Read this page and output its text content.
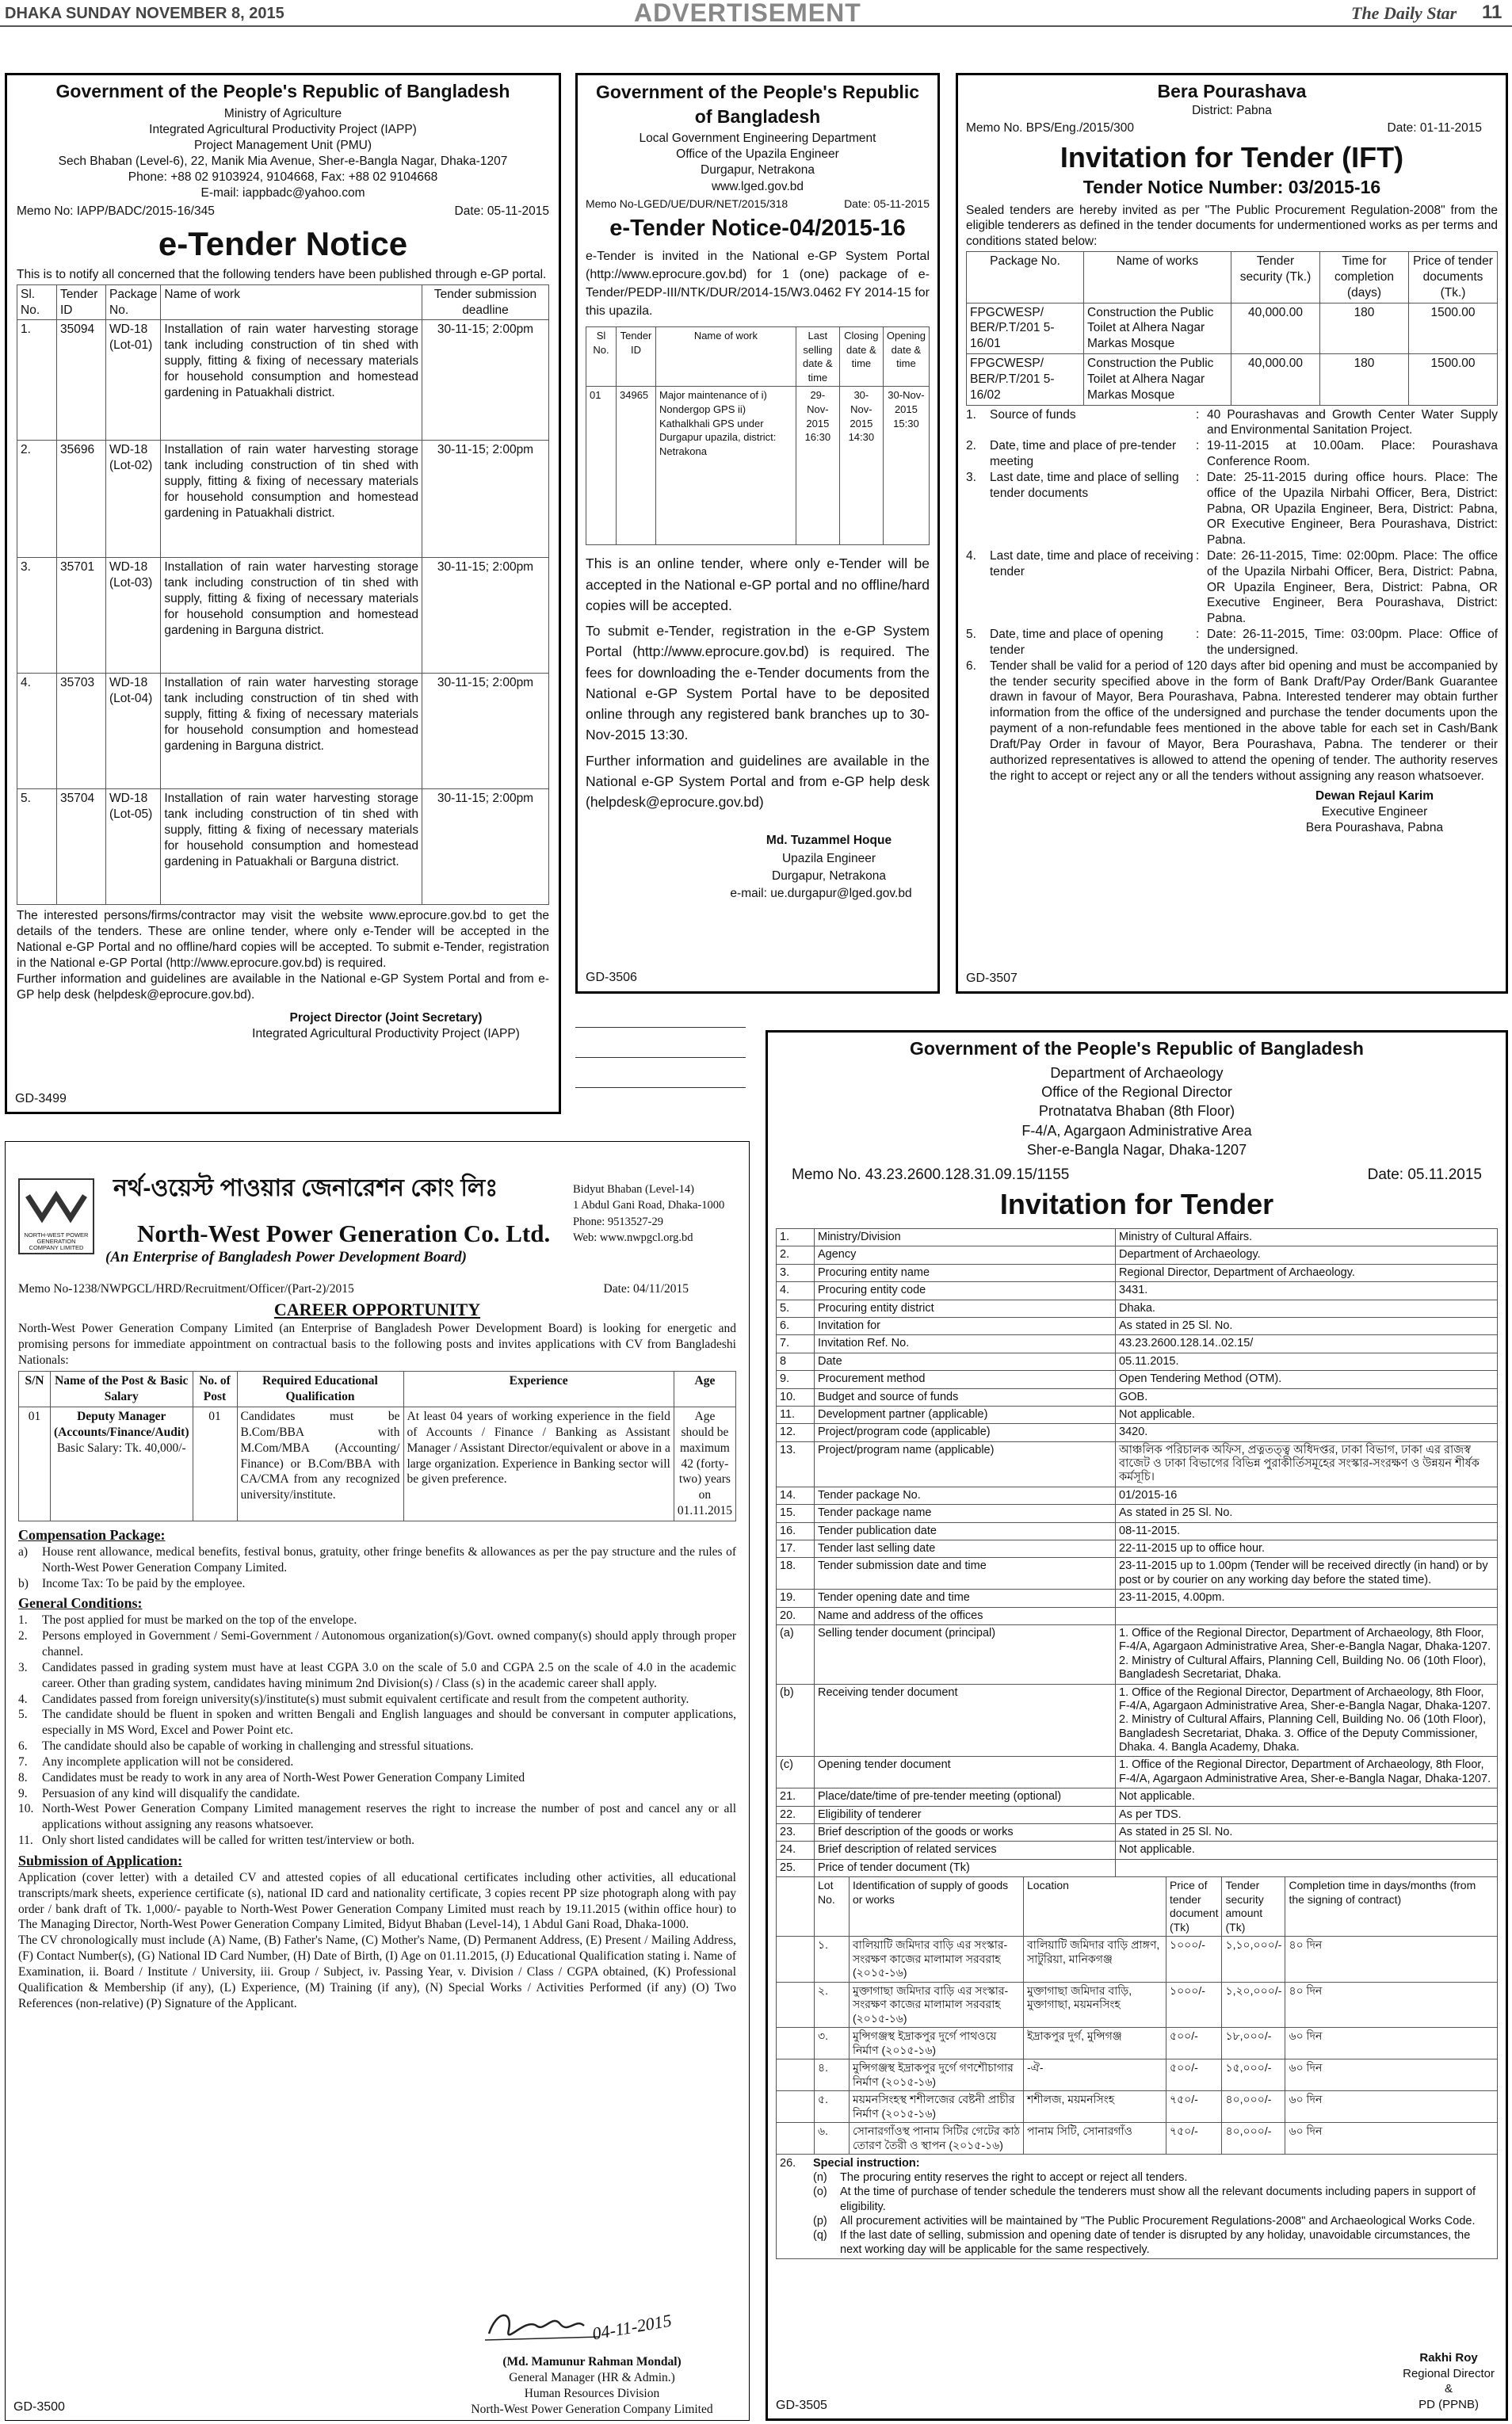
DHAKA SUNDAY NOVEMBER 8, 2015	ADVERTISEMENT	The Daily Star 11
Government of the People's Republic of Bangladesh
Ministry of Agriculture
Integrated Agricultural Productivity Project (IAPP)
Project Management Unit (PMU)
Sech Bhaban (Level-6), 22, Manik Mia Avenue, Sher-e-Bangla Nagar, Dhaka-1207
Phone: +88 02 9103924, 9104668, Fax: +88 02 9104668
E-mail: iappbadc@yahoo.com
Memo No: IAPP/BADC/2015-16/345	Date: 05-11-2015
e-Tender Notice
This is to notify all concerned that the following tenders have been published through e-GP portal.
Sl. No.	Tender ID	Package No.	Name of work	Tender submission deadline
1.	35094	WD-18 (Lot-01)	Installation of rain water harvesting storage tank including construction of tin shed with supply, fitting & fixing of necessary materials for household consumption and homestead gardening in Patuakhali district.	30-11-15; 2:00pm
2.	35696	WD-18 (Lot-02)	Installation of rain water harvesting storage tank including construction of tin shed with supply, fitting & fixing of necessary materials for household consumption and homestead gardening in Patuakhali district.	30-11-15; 2:00pm
3.	35701	WD-18 (Lot-03)	Installation of rain water harvesting storage tank including construction of tin shed with supply, fitting & fixing of necessary materials for household consumption and homestead gardening in Barguna district.	30-11-15; 2:00pm
4.	35703	WD-18 (Lot-04)	Installation of rain water harvesting storage tank including construction of tin shed with supply, fitting & fixing of necessary materials for household consumption and homestead gardening in Barguna district.	30-11-15; 2:00pm
5.	35704	WD-18 (Lot-05)	Installation of rain water harvesting storage tank including construction of tin shed with supply, fitting & fixing of necessary materials for household consumption and homestead gardening in Patuakhali or Barguna district.	30-11-15; 2:00pm
The interested persons/firms/contractor may visit the website www.eprocure.gov.bd to get the details of the tenders. These are online tender, where only e-Tender will be accepted in the National e-GP Portal and no offline/hard copies will be accepted. To submit e-Tender, registration in the National e-GP Portal (http://www.eprocure.gov.bd) is required.
Further information and guidelines are available in the National e-GP System Portal and from e-GP help desk (helpdesk@eprocure.gov.bd).
Project Director (Joint Secretary)
Integrated Agricultural Productivity Project (IAPP)
GD-3499
Government of the People's Republic of Bangladesh
Local Government Engineering Department
Office of the Upazila Engineer
Durgapur, Netrakona
www.lged.gov.bd
Memo No-LGED/UE/DUR/NET/2015/318	Date: 05-11-2015
e-Tender Notice-04/2015-16
e-Tender is invited in the National e-GP System Portal (http://www.eprocure.gov.bd) for 1 (one) package of e-Tender/PEDP-III/NTK/DUR/2014-15/W3.0462 FY 2014-15 for this upazila.
Sl No.	Tender ID	Name of work	Last selling date & time	Closing date & time	Opening date & time
01	34965	Major maintenance of i) Nondergop GPS ii) Kathalkhali GPS under Durgapur upazila, district: Netrakona	29-Nov-2015 16:30	30-Nov-2015 14:30	30-Nov-2015 15:30
This is an online tender, where only e-Tender will be accepted in the National e-GP portal and no offline/hard copies will be accepted.
To submit e-Tender, registration in the e-GP System Portal (http://www.eprocure.gov.bd) is required. The fees for downloading the e-Tender documents from the National e-GP System Portal have to be deposited online through any registered bank branches up to 30-Nov-2015 13:30.
Further information and guidelines are available in the National e-GP System Portal and from e-GP help desk (helpdesk@eprocure.gov.bd)
Md. Tuzammel Hoque
Upazila Engineer
Durgapur, Netrakona
e-mail: ue.durgapur@lged.gov.bd
GD-3506
Bera Pourashava
District: Pabna
Memo No. BPS/Eng./2015/300	Date: 01-11-2015
Invitation for Tender (IFT)
Tender Notice Number: 03/2015-16
Sealed tenders are hereby invited as per "The Public Procurement Regulation-2008" from the eligible tenderers as defined in the tender documents for undermentioned works as per terms and conditions stated below:
Package No.	Name of works	Tender security (Tk.)	Time for completion (days)	Price of tender documents (Tk.)
FPGCWESP/ BER/P.T/201 5-16/01	Construction the Public Toilet at Alhera Nagar Markas Mosque	40,000.00	180	1500.00
FPGCWESP/ BER/P.T/201 5-16/02	Construction the Public Toilet at Alhera Nagar Markas Mosque	40,000.00	180	1500.00
1.	Source of funds	: 40 Pourashavas and Growth Center Water Supply and Environmental Sanitation Project.
2.	Date, time and place of pre-tender meeting
: 19-11-2015 at 10.00am. Place: Pourashava Conference Room.
3.	Last date, time and place of selling tender documents
: Date: 25-11-2015 during office hours. Place: The office of the Upazila Nirbahi Officer, Bera, District: Pabna, OR Upazila Engineer, Bera, District: Pabna, OR Executive Engineer, Bera Pourashava, District: Pabna.
4.	Last date, time and place of receiving tender
: Date: 26-11-2015, Time: 02:00pm. Place: The office of the Upazila Nirbahi Officer, Bera, District: Pabna, OR Upazila Engineer, Bera, District: Pabna, OR Executive Engineer, Bera Pourashava, District: Pabna.
5.	Date, time and place of opening tender
: Date: 26-11-2015, Time: 03:00pm. Place: Office of the undersigned.
6.	Tender shall be valid for a period of 120 days after bid opening and must be accompanied by the tender security specified above in the form of Bank Draft/Pay Order/Bank Guarantee drawn in favour of Mayor, Bera Pourashava, Pabna. Interested tenderer may obtain further information from the office of the undersigned and purchase the tender documents upon the payment of a non-refundable fees mentioned in the above table for each set in Cash/Bank Draft/Pay Order in favour of Mayor, Bera Pourashava, Pabna. The tenderer or their authorized representatives is allowed to attend the opening of tender. The authority reserves the right to accept or reject any or all the tenders without assigning any reason whatsoever.
Dewan Rejaul Karim
Executive Engineer
Bera Pourashava, Pabna
GD-3507
NORTH-WEST POWER GENERATION COMPANY LIMITED
নর্থ-ওয়েস্ট পাওয়ার জেনারেশন কোং লিঃ
North-West Power Generation Co. Ltd.
(An Enterprise of Bangladesh Power Development Board)
Bidyut Bhaban (Level-14)
1 Abdul Gani Road, Dhaka-1000
Phone: 9513527-29
Web: www.nwpgcl.org.bd
Memo No-1238/NWPGCL/HRD/Recruitment/Officer/(Part-2)/2015	Date: 04/11/2015
CAREER OPPORTUNITY
North-West Power Generation Company Limited (an Enterprise of Bangladesh Power Development Board) is looking for energetic and promising persons for immediate appointment on contractual basis to the following posts and invites applications with CV from Bangladeshi Nationals:
S/N	Name of the Post & Basic Salary	No. of Post	Required Educational Qualification	Experience	Age
01	Deputy Manager (Accounts/Finance/Audit)
Basic Salary: Tk. 40,000/-	01	Candidates must be B.Com/BBA with M.Com/MBA (Accounting/ Finance) or B.Com/BBA with CA/CMA from any recognized university/institute.	At least 04 years of working experience in the field of Accounts / Finance / Banking as Assistant Manager / Assistant Director/equivalent or above in a large organization. Experience in Banking sector will be given preference.	Age should be maximum 42 (forty-two) years on 01.11.2015
Compensation Package:
a)	House rent allowance, medical benefits, festival bonus, gratuity, other fringe benefits & allowances as per the pay structure and the rules of North-West Power Generation Company Limited.
b)	Income Tax: To be paid by the employee.
General Conditions:
1.	The post applied for must be marked on the top of the envelope.
2.	Persons employed in Government / Semi-Government / Autonomous organization(s)/Govt. owned company(s) should apply through proper channel.
3.	Candidates passed in grading system must have at least CGPA 3.0 on the scale of 5.0 and CGPA 2.5 on the scale of 4.0 in the academic career. Other than grading system, candidates having minimum 2nd Division(s) / Class (s) in the academic career shall apply.
4.	Candidates passed from foreign university(s)/institute(s) must submit equivalent certificate and result from the competent authority.
5.	The candidate should be fluent in spoken and written Bengali and English languages and should be conversant in computer applications, especially in MS Word, Excel and Power Point etc.
6.	The candidate should also be capable of working in challenging and stressful situations.
7.	Any incomplete application will not be considered.
8.	Candidates must be ready to work in any area of North-West Power Generation Company Limited
9.	Persuasion of any kind will disqualify the candidate.
10. North-West Power Generation Company Limited management reserves the right to increase the number of post and cancel any or all applications without assigning any reasons whatsoever.
11. Only short listed candidates will be called for written test/interview or both.
Submission of Application:
Application (cover letter) with a detailed CV and attested copies of all educational certificates including other activities, all educational transcripts/mark sheets, experience certificate (s), national ID card and nationality certificate, 3 copies recent PP size photograph along with pay order / bank draft of Tk. 1,000/- payable to North-West Power Generation Company Limited must reach by 19.11.2015 (within office hour) to The Managing Director, North-West Power Generation Company Limited, Bidyut Bhaban (Level-14), 1 Abdul Gani Road, Dhaka-1000.
The CV chronologically must include (A) Name, (B) Father's Name, (C) Mother's Name, (D) Permanent Address, (E) Present / Mailing Address, (F) Contact Number(s), (G) National ID Card Number, (H) Date of Birth, (I) Age on 01.11.2015, (J) Educational Qualification stating i. Name of Examination, ii. Board / Institute / University, iii. Group / Subject, iv. Passing Year, v. Division / Class / CGPA obtained, (K) Professional Qualification & Membership (if any), (L) Experience, (M) Training (if any), (N) Special Works / Activities Performed (if any) (O) Two References (non-relative) (P) Signature of the Applicant.
04-11-2015
(Md. Mamunur Rahman Mondal)
General Manager (HR & Admin.)
Human Resources Division
North-West Power Generation Company Limited
GD-3500
Government of the People's Republic of Bangladesh
Department of Archaeology
Office of the Regional Director
Protnatatva Bhaban (8th Floor)
F-4/A, Agargaon Administrative Area
Sher-e-Bangla Nagar, Dhaka-1207
Memo No. 43.23.2600.128.31.09.15/1155	Date: 05.11.2015
Invitation for Tender
1.	Ministry/Division	Ministry of Cultural Affairs.
2.	Agency	Department of Archaeology.
3.	Procuring entity name	Regional Director, Department of Archaeology.
4.	Procuring entity code	3431.
5.	Procuring entity district	Dhaka.
6.	Invitation for	As stated in 25 Sl. No.
7.	Invitation Ref. No.	43.23.2600.128.14..02.15/
8	Date	05.11.2015.
9.	Procurement method	Open Tendering Method (OTM).
10.	Budget and source of funds	GOB.
11.	Development partner (applicable)	Not applicable.
12.	Project/program code (applicable)	3420.
13.	Project/program name (applicable)	আঞ্চলিক পরিচালক অফিস, প্রত্নতত্ত্ব অধিদপ্তর, ঢাকা বিভাগ, ঢাকা এর রাজস্ব বাজেট ও ঢাকা বিভাগের বিভিন্ন পুরাকীর্তিসমূহের সংস্কার-সংরক্ষণ ও উন্নয়ন শীর্ষক কর্মসূচি।
14.	Tender package No.	01/2015-16
15.	Tender package name	As stated in 25 Sl. No.
16.	Tender publication date	08-11-2015.
17.	Tender last selling date	22-11-2015 up to office hour.
18.	Tender submission date and time	23-11-2015 up to 1.00pm (Tender will be received directly (in hand) or by post or by courier on any working day before the stated time).
19.	Tender opening date and time	23-11-2015, 4.00pm.
20.	Name and address of the offices	
(a)	Selling tender document (principal)	1. Office of the Regional Director, Department of Archaeology, 8th Floor, F-4/A, Agargaon Administrative Area, Sher-e-Bangla Nagar, Dhaka-1207. 2. Ministry of Cultural Affairs, Planning Cell, Building No. 06 (10th Floor), Bangladesh Secretariat, Dhaka.
(b)	Receiving tender document	1. Office of the Regional Director, Department of Archaeology, 8th Floor, F-4/A, Agargaon Administrative Area, Sher-e-Bangla Nagar, Dhaka-1207. 2. Ministry of Cultural Affairs, Planning Cell, Building No. 06 (10th Floor), Bangladesh Secretariat, Dhaka. 3. Office of the Deputy Commissioner, Dhaka. 4. Bangla Academy, Dhaka.
(c)	Opening tender document	1. Office of the Regional Director, Department of Archaeology, 8th Floor, F-4/A, Agargaon Administrative Area, Sher-e-Bangla Nagar, Dhaka-1207.
21.	Place/date/time of pre-tender meeting (optional)	Not applicable.
22.	Eligibility of tenderer	As per TDS.
23.	Brief description of the goods or works	As stated in 25 Sl. No.
24.	Brief description of related services	Not applicable.
25.	Price of tender document (Tk)	
	Lot No.	Identification of supply of goods or works	Location	Price of tender document (Tk)	Tender security amount (Tk)	Completion time in days/months (from the signing of contract)
	১.	বালিয়াটি জমিদার বাড়ি এর সংস্কার-সংরক্ষণ কাজের মালামাল সরবরাহ (২০১৫-১৬)	বালিয়াটি জমিদার বাড়ি প্রাঙ্গণ, সাটুরিয়া, মানিকগঞ্জ	১০০০/-	১,১০,০০০/-	৪০ দিন
	২.	মুক্তাগাছা জমিদার বাড়ি এর সংস্কার-সংরক্ষণ কাজের মালামাল সরবরাহ (২০১৫-১৬)	মুক্তাগাছা জমিদার বাড়ি, মুক্তাগাছা, ময়মনসিংহ	১০০০/-	১,২০,০০০/-	৪০ দিন
	৩.	মুন্সিগঞ্জস্থ ইদ্রাকপুর দুর্গে পাথওয়ে নির্মাণ (২০১৫-১৬)	ইদ্রাকপুর দুর্গ, মুন্সিগঞ্জ	৫০০/-	১৮,০০০/-	৬০ দিন
	৪.	মুন্সিগঞ্জস্থ ইদ্রাকপুর দুর্গে গণশৌচাগার নির্মাণ (২০১৫-১৬)	-ঐ-	৫০০/-	১৫,০০০/-	৬০ দিন
	৫.	ময়মনসিংহস্থ শশীলজের বেষ্টনী প্রাচীর নির্মাণ (২০১৫-১৬)	শশীলজ, ময়মনসিংহ	৭৫০/-	৪০,০০০/-	৬০ দিন
	৬.	সোনারগাঁওস্থ পানাম সিটির গেটের কাঠ তোরণ তৈরী ও স্থাপন (২০১৫-১৬)	পানাম সিটি, সোনারগাঁও	৭৫০/-	৪০,০০০/-	৬০ দিন
26.	Special instruction:
(n)	The procuring entity reserves the right to accept or reject all tenders.
(o)	At the time of purchase of tender schedule the tenderers must show all the relevant documents including papers in support of eligibility.
(p)	All procurement activities will be maintained by "The Public Procurement Regulations-2008" and Archaeological Works Code.
(q)	If the last date of selling, submission and opening date of tender is disrupted by any holiday, unavoidable circumstances, the next working day will be applicable for the same respectively.
Rakhi Roy
Regional Director
&
PD (PPNB)
GD-3505
